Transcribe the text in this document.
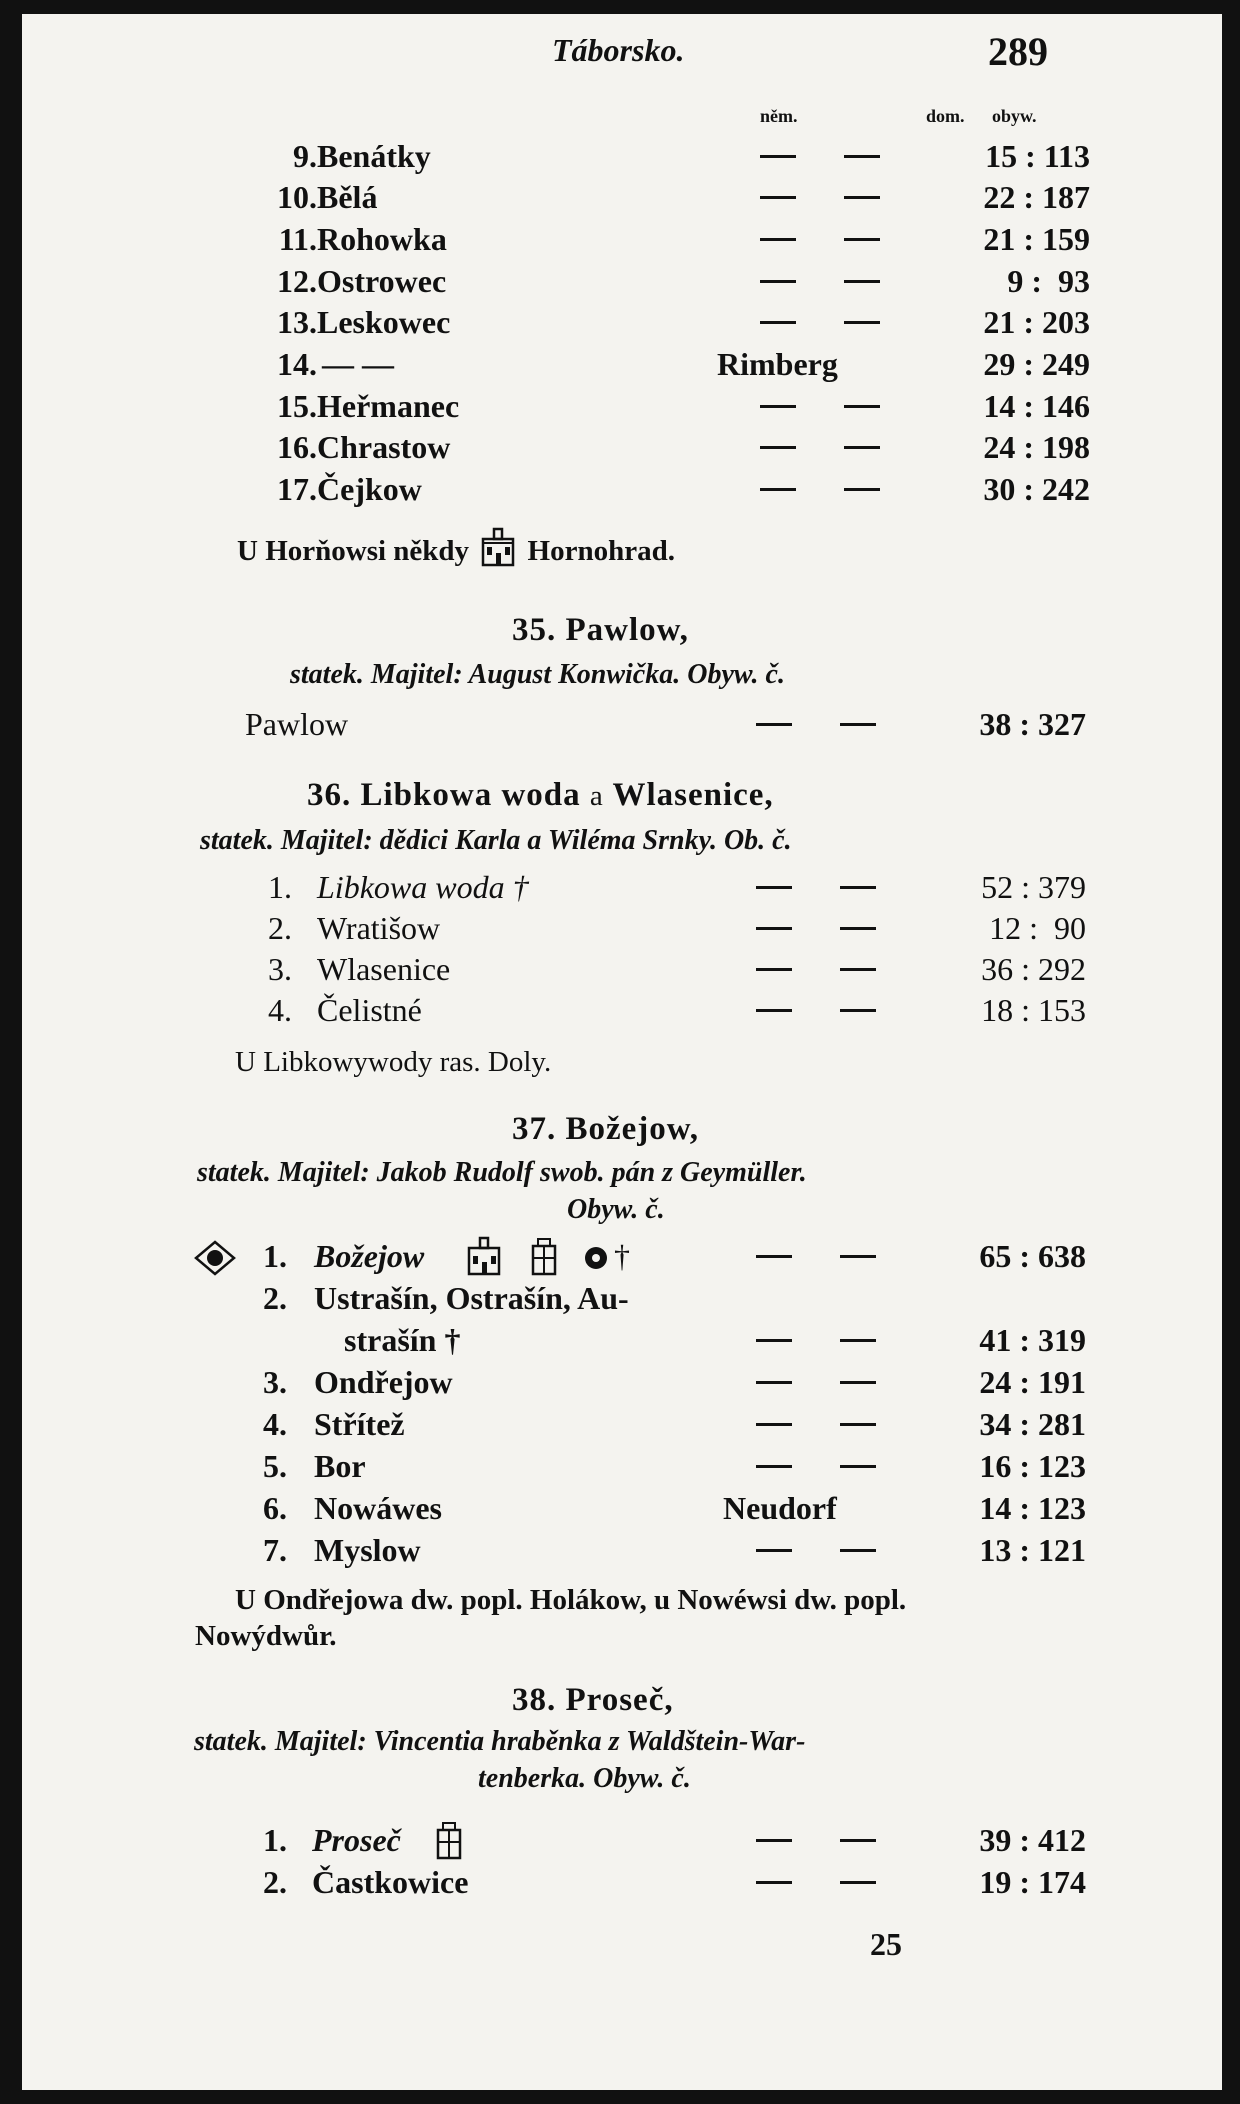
Táborsko.	289
něm.	dom. obyw.
9. Benátky	15 : 113
10. Bělá	22 : 187
11. Rohowka	21 : 159
12. Ostrowec	9 :  93
13. Leskowec	21 : 203
14. — —	Rimberg	29 : 249
15. Heřmanec	14 : 146
16. Chrastow	24 : 198
17. Čejkow	30 : 242
U Horňowsi někdy Hornohrad.
35. Pawlow,
statek. Majitel: August Konwička. Obyw. č.
Pawlow	38 : 327
36. Libkowa woda a Wlasenice,
statek. Majitel: dědici Karla a Wiléma Srnky. Ob. č.
1. Libkowa woda †	52 : 379
2. Wratišow	12 :  90
3. Wlasenice	36 : 292
4. Čelistné	18 : 153
U Libkowywody ras. Doly.
37. Božejow,
statek. Majitel: Jakob Rudolf swob. pán z Geymüller.
Obyw. č.
1. Božejow	†	65 : 638
2. Ustrašín, Ostrašín, Au-
strašín †	41 : 319
3. Ondřejow	24 : 191
4. Střítež	34 : 281
5. Bor	16 : 123
6. Nowáwes	Neudorf	14 : 123
7. Myslow	13 : 121
U Ondřejowa dw. popl. Holákow, u Nowéwsi dw. popl.
Nowýdwůr.
38. Proseč,
statek. Majitel: Vincentia hraběnka z Waldštein-War-
tenberka. Obyw. č.
1. Proseč	39 : 412
2. Častkowice	19 : 174
25
